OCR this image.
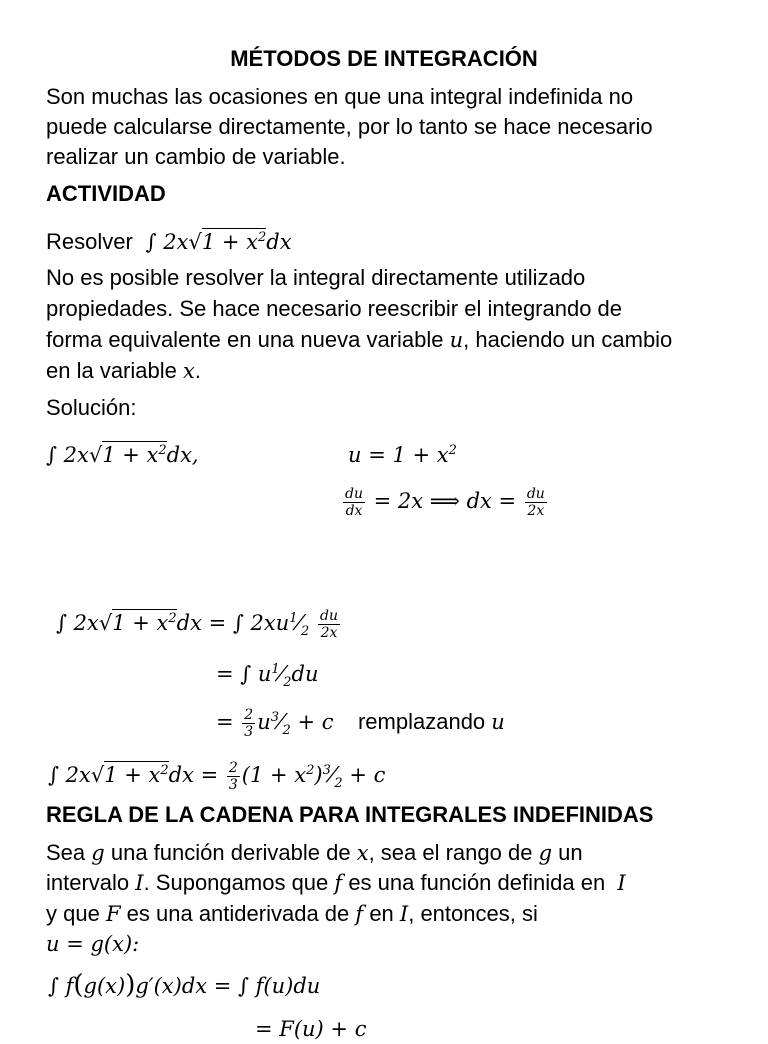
MÉTODOS DE INTEGRACIÓN
Son muchas las ocasiones en que una integral indefinida no
puede calcularse directamente, por lo tanto se hace necesario
realizar un cambio de variable.
ACTIVIDAD
Resolver  ∫ $2x√1 + x^2dx$
No es posible resolver la integral directamente utilizado
propiedades. Se hace necesario reescribir el integrando de
forma equivalente en una nueva variable u, haciendo un cambio
en la variable x.
Solución:
∫ $2x√1 + x^2dx$,	$u = 1 + x^2$
$\frac{du}{dx} = 2x$ ⟹ dx = $\frac{du}{2x}$
∫ $2x√1 + x^2dx$ = ∫ $2xu^1⁄_2 \frac{du}{2x}$
= ∫ $u^1⁄_2du$
= $\frac{2}{3}$ $u^3⁄_2 + c$ remplazando u
∫ $2x√1 + x^2dx = \frac{2}{3} (1$ + $x^2)^3⁄_2 + c$
REGLA DE LA CADENA PARA INTEGRALES INDEFINIDAS
Sea g una función derivable de x, sea el rango de g un
intervalo I. Supongamos que f es una función definida en I
y que F es una antiderivada de f en I, entonces, si
u = g(x):
∫ f(g(x))g′(x)dx = ∫ f(u)du
= F(u) + c
